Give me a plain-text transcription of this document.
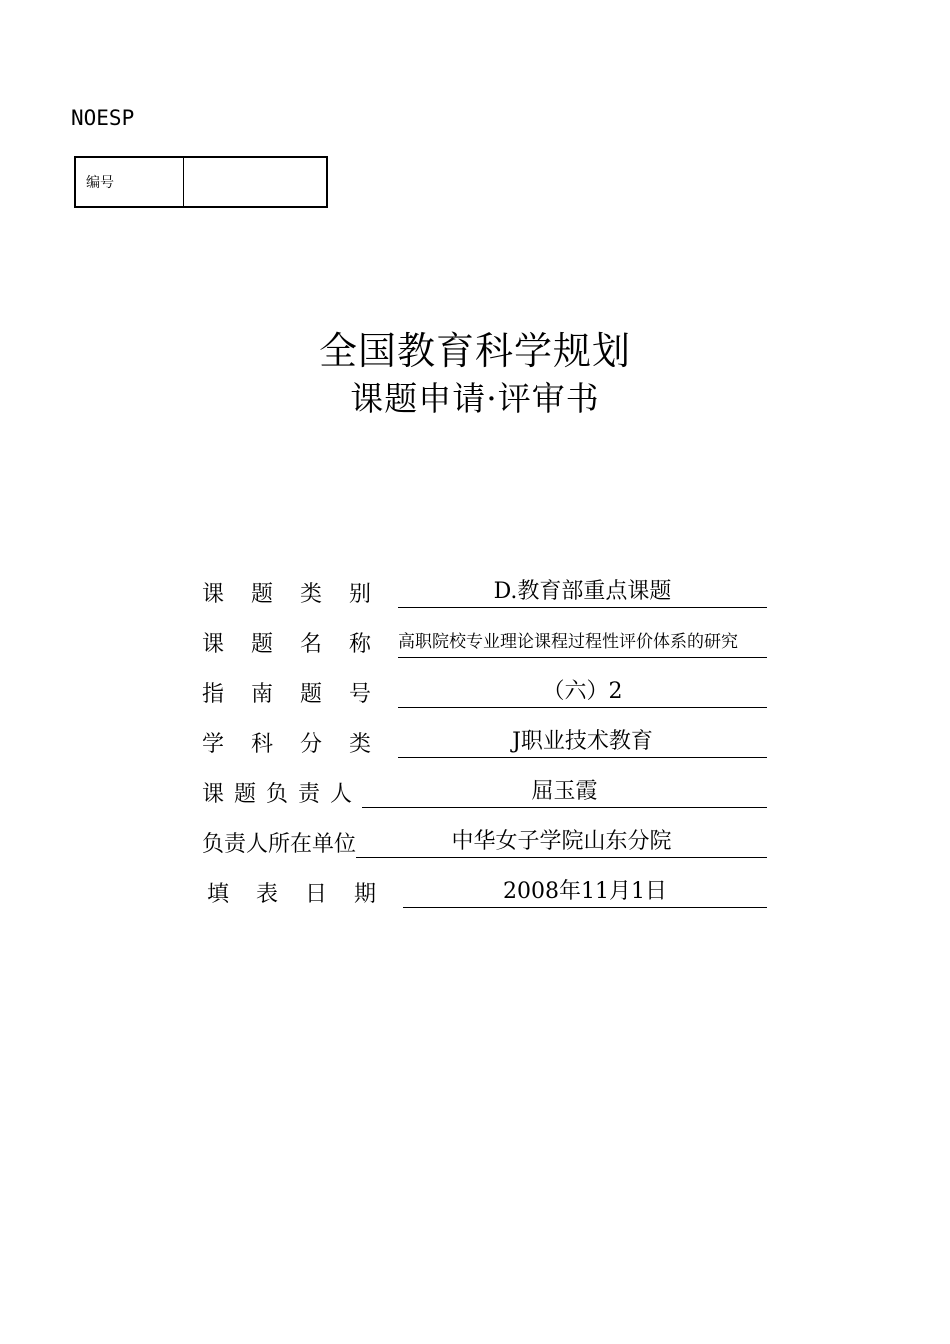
NOESP
编号
全国教育科学规划
课题申请·评审书
课题类别	D.教育部重点课题
课题名称 高职院校专业理论课程过程性评价体系的研究
指南题号	（六）2
学科分类	J职业技术教育
课题负责人	屈玉霞
负责人所在单位	中华女子学院山东分院
填表日期	2008年11月1日
